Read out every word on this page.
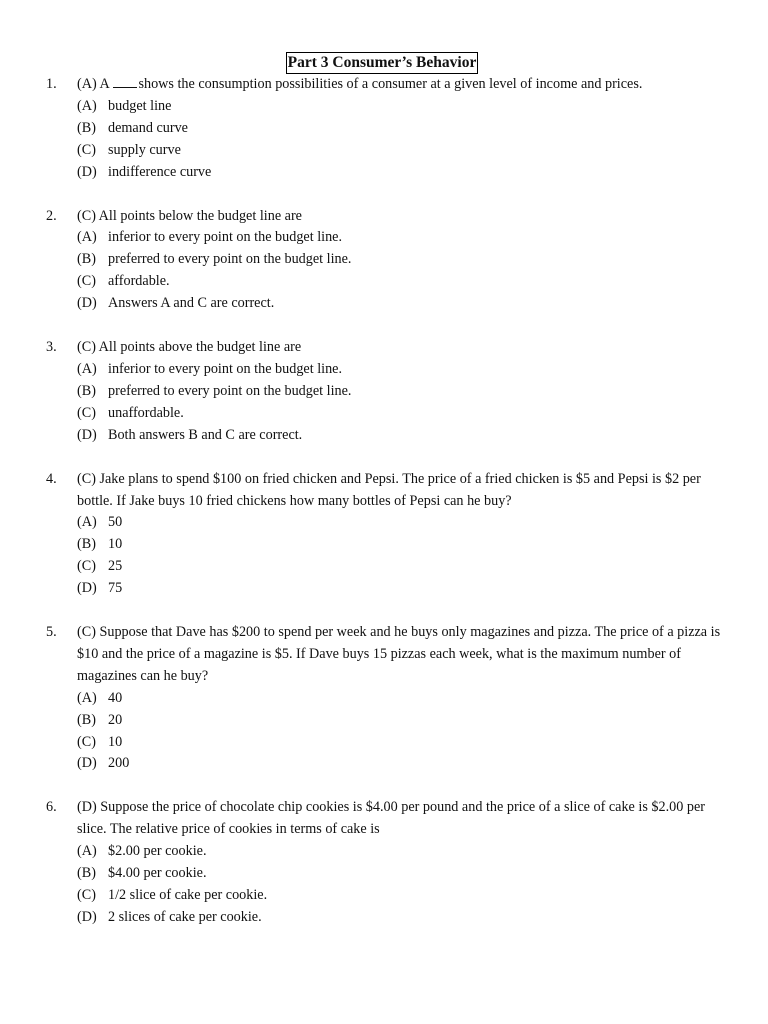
Part 3 Consumer’s Behavior
1. (A) A shows the consumption possibilities of a consumer at a given level of income and prices.
(A) budget line
(B) demand curve
(C) supply curve
(D) indifference curve
2. (C) All points below the budget line are
(A) inferior to every point on the budget line.
(B) preferred to every point on the budget line.
(C) affordable.
(D) Answers A and C are correct.
3. (C) All points above the budget line are
(A) inferior to every point on the budget line.
(B) preferred to every point on the budget line.
(C) unaffordable.
(D) Both answers B and C are correct.
4. (C) Jake plans to spend $100 on fried chicken and Pepsi. The price of a fried chicken is $5 and Pepsi is $2 per bottle. If Jake buys 10 fried chickens how many bottles of Pepsi can he buy?
(A) 50
(B) 10
(C) 25
(D) 75
5. (C) Suppose that Dave has $200 to spend per week and he buys only magazines and pizza. The price of a pizza is $10 and the price of a magazine is $5. If Dave buys 15 pizzas each week, what is the maximum number of magazines can he buy?
(A) 40
(B) 20
(C) 10
(D) 200
6. (D) Suppose the price of chocolate chip cookies is $4.00 per pound and the price of a slice of cake is $2.00 per slice. The relative price of cookies in terms of cake is
(A) $2.00 per cookie.
(B) $4.00 per cookie.
(C) 1/2 slice of cake per cookie.
(D) 2 slices of cake per cookie.
